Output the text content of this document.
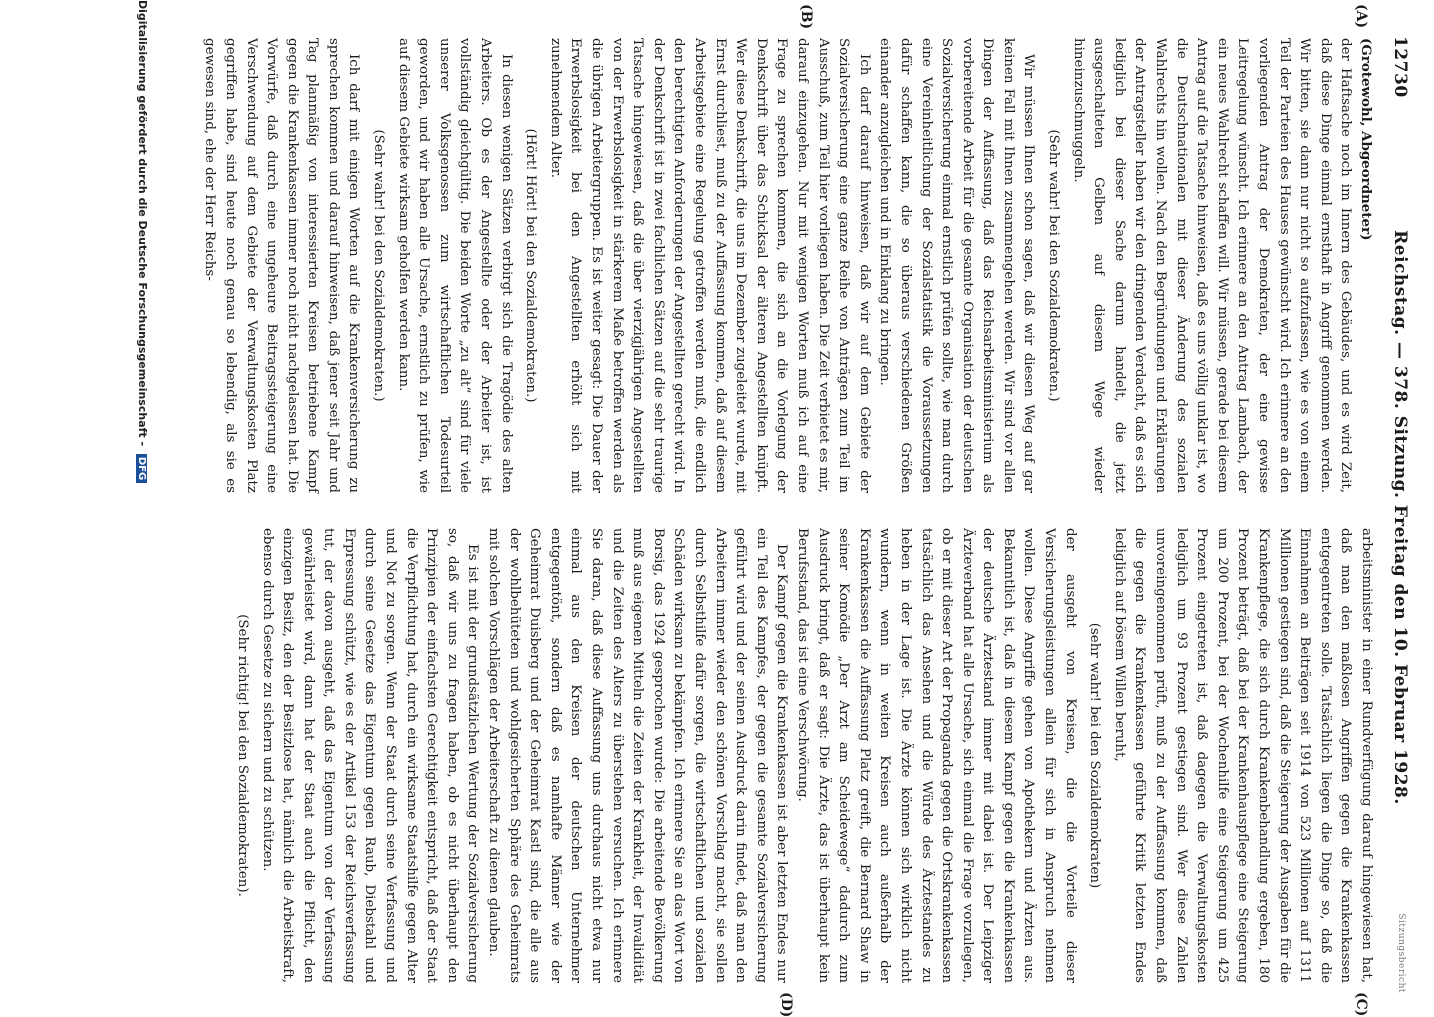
12730
Reichstag. — 378. Sitzung. Freitag den 10. Februar 1928.
Sitzungsbericht
(A)
(B)
(C)
(D)

(Grotewohl, Abgeordneter)

der Haftsache noch im Innern des Gebäudes, und es wird Zeit, daß diese Dinge einmal ernsthaft in Angriff genommen werden. Wir bitten, sie dann nur nicht so aufzufassen, wie es von einem Teil der Parteien des Hauses gewünscht wird. Ich erinnere an den vorliegenden Antrag der Demokraten, der eine gewisse Leitregelung wünscht. Ich erinnere an den Antrag Lambach, der ein neues Wahlrecht schaffen will. Wir müssen, gerade bei diesem Antrag auf die Tatsache hinweisen, daß es uns völlig unklar ist, wo die Deutschnationalen mit dieser Änderung des sozialen Wahlrechts hin wollen. Nach den Begründungen und Erklärungen der Antragsteller haben wir den dringenden Verdacht, daß es sich lediglich bei dieser Sache darum handelt, die jetzt ausgeschalteten Gelben auf diesem Wege wieder hineinzuschmuggeln.

(Sehr wahr! bei den Sozialdemokraten.)

Wir müssen Ihnen schon sagen, daß wir diesen Weg auf gar keinen Fall mit Ihnen zusammengehen werden. Wir sind vor allen Dingen der Auffassung, daß das Reichsarbeitsministerium als vorbereitende Arbeit für die gesamte Organisation der deutschen Sozialversicherung einmal ernstlich prüfen sollte, wie man durch eine Vereinheitlichung der Sozialstatistik die Voraussetzungen dafür schaffen kann, die so überaus verschiedenen Größen einander anzugleichen und in Einklang zu bringen.

Ich darf darauf hinweisen, daß wir auf dem Gebiete der Sozialversicherung eine ganze Reihe von Anträgen zum Teil im Ausschuß, zum Teil hier vorliegen haben. Die Zeit verbietet es mir, darauf einzugehen. Nur mit wenigen Worten muß ich auf eine Frage zu sprechen kommen, die sich an die Vorlegung der Denkschrift über das Schicksal der älteren Angestellten knüpft. Wer diese Denkschrift, die uns im Dezember zugeleitet wurde, mit Ernst durchliest, muß zu der Auffassung kommen, daß auf diesem Arbeitsgebiete eine Regelung getroffen werden muß, die endlich den berechtigten Anforderungen der Angestellten gerecht wird. In der Denkschrift ist in zwei fachlichen Sätzen auf die sehr traurige Tatsache hingewiesen, daß die über vierzigjährigen Angestellten von der Erwerbslosigkeit in stärkerem Maße betroffen werden als die übrigen Arbeitergruppen. Es ist weiter gesagt: Die Dauer der Erwerbslosigkeit bei den Angestellten erhöht sich mit zunehmendem Alter.

(Hört! Hört! bei den Sozialdemokraten.)

In diesen wenigen Sätzen verbirgt sich die Tragödie des alten Arbeiters. Ob es der Angestellte oder der Arbeiter ist, ist vollständig gleichgültig. Die beiden Worte „zu alt“ sind für viele unserer Volksgenossen zum wirtschaftlichen Todesurteil geworden, und wir haben alle Ursache, ernstlich zu prüfen, wie auf diesem Gebiete wirksam geholfen werden kann.

(Sehr wahr! bei den Sozialdemokraten.)

Ich darf mit einigen Worten auf die Krankenversicherung zu sprechen kommen und darauf hinweisen, daß jener seit Jahr und Tag planmäßig von interessierten Kreisen betriebene Kampf gegen die Krankenkassen immer noch nicht nachgelassen hat. Die Vorwürfe, daß durch eine ungeheure Beitragssteigerung eine Verschwendung auf dem Gebiete der Verwaltungskosten Platz gegriffen habe, sind heute noch genau so lebendig, als sie es gewesen sind, ehe der Herr Reichs-

arbeitsminister in einer Rundverfügung darauf hingewiesen hat, daß man den maßlosen Angriffen gegen die Krankenkassen entgegentreten solle. Tatsächlich liegen die Dinge so, daß die Einnahmen an Beiträgen seit 1914 von 523 Millionen auf 1311 Millionen gestiegen sind, daß die Steigerung der Ausgaben für die Krankenpflege, die sich durch Krankenbehandlung ergeben, 180 Prozent beträgt, daß bei der Krankenhauspflege eine Steigerung um 200 Prozent, bei der Wochenhilfe eine Steigerung um 425 Prozent eingetreten ist, daß dagegen die Verwaltungskosten lediglich um 93 Prozent gestiegen sind. Wer diese Zahlen unvoreingenommen prüft, muß zu der Auffassung kommen, daß die gegen die Krankenkassen geführte Kritik letzten Endes lediglich auf bösem Willen beruht,

(sehr wahr! bei den Sozialdemokraten)

der ausgeht von Kreisen, die die Vorteile dieser Versicherungsleistungen allein für sich in Anspruch nehmen wollen. Diese Angriffe gehen von Apothekern und Ärzten aus. Bekanntlich ist, daß in diesem Kampf gegen die Krankenkassen der deutsche Ärztestand immer mit dabei ist. Der Leipziger Ärzteverband hat alle Ursache, sich einmal die Frage vorzulegen, ob er mit dieser Art der Propaganda gegen die Ortskrankenkassen tatsächlich das Ansehen und die Würde des Ärztestandes zu heben in der Lage ist. Die Ärzte können sich wirklich nicht wundern, wenn in weiten Kreisen auch außerhalb der Krankenkassen die Auffassung Platz greift, die Bernard Shaw in seiner Komödie „Der Arzt am Scheidewege“ dadurch zum Ausdruck bringt, daß er sagt: Die Ärzte, das ist überhaupt kein Berufsstand, das ist eine Verschwörung.

Der Kampf gegen die Krankenkassen ist aber letzten Endes nur ein Teil des Kampfes, der gegen die gesamte Sozialversicherung geführt wird und der seinen Ausdruck darin findet, daß man den Arbeitern immer wieder den schönen Vorschlag macht, sie sollen durch Selbsthilfe dafür sorgen, die wirtschaftlichen und sozialen Schäden wirksam zu bekämpfen. Ich erinnere Sie an das Wort von Borsig, das 1924 gesprochen wurde: Die arbeitende Bevölkerung muß aus eigenen Mitteln die Zeiten der Krankheit, der Invalidität und die Zeiten des Alters zu überstehen versuchen. Ich erinnere Sie daran, daß diese Auffassung uns durchaus nicht etwa nur einmal aus den Kreisen der deutschen Unternehmer entgegentönt, sondern daß es namhafte Männer wie der Geheimrat Duisberg und der Geheimrat Kastl sind, die alle aus der wohlbehüteten und wohlgesicherten Sphäre des Geheimrats mit solchen Vorschlägen der Arbeiterschaft zu dienen glauben.

Es ist mit der grundsätzlichen Wertung der Sozialversicherung so, daß wir uns zu fragen haben, ob es nicht überhaupt den Prinzipien der einfachsten Gerechtigkeit entspricht, daß der Staat die Verpflichtung hat, durch ein wirksame Staatshilfe gegen Alter und Not zu sorgen. Wenn der Staat durch seine Verfassung und durch seine Gesetze das Eigentum gegen Raub, Diebstahl und Erpressung schützt, wie es der Artikel 153 der Reichsverfassung tut, der davon ausgeht, daß das Eigentum von der Verfassung gewährleistet wird, dann hat der Staat auch die Pflicht, den einzigen Besitz, den der Besitzlose hat, nämlich die Arbeitskraft, ebenso durch Gesetze zu sichern und zu schützen.

(Sehr richtig! bei den Sozialdemokraten).

Digitalisierung gefördert durch die Deutsche Forschungsgemeinschaft - DFG
